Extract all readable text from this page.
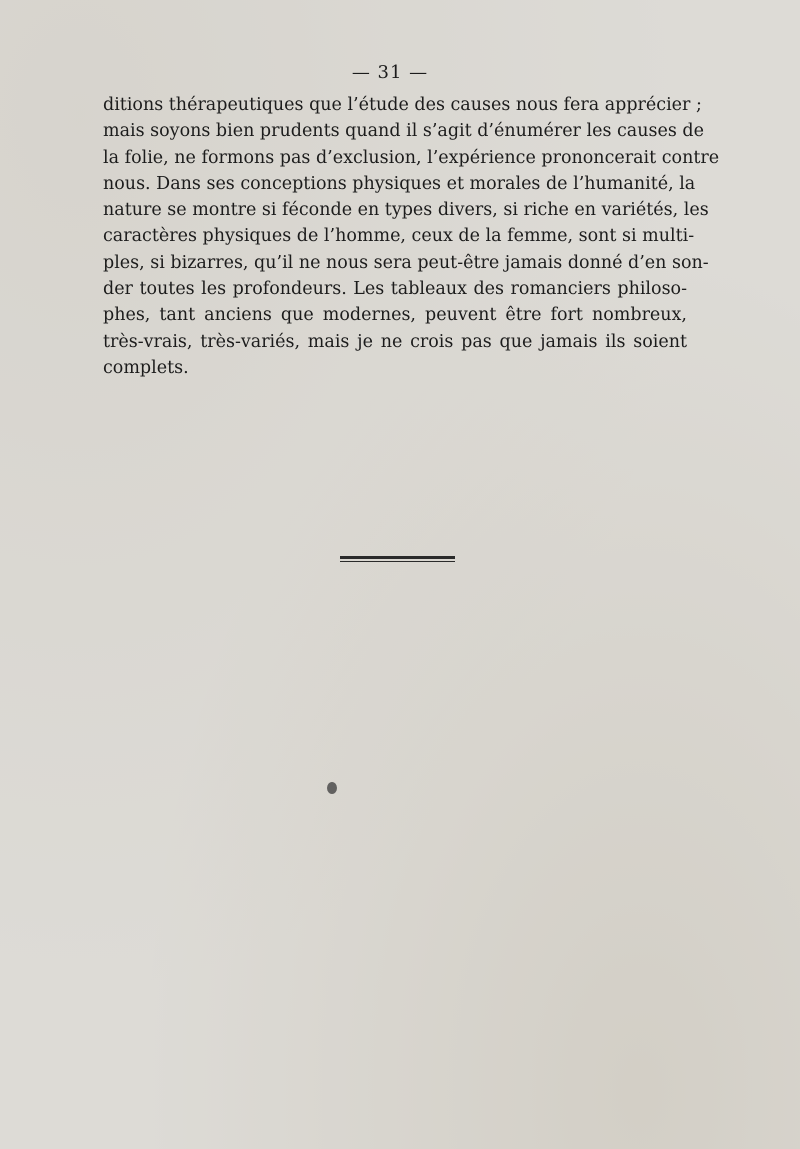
— 31 —
ditions thérapeutiques que l’étude des causes nous fera apprécier ;
mais soyons bien prudents quand il s’agit d’énumérer les causes de
la folie, ne formons pas d’exclusion, l’expérience prononcerait contre
nous. Dans ses conceptions physiques et morales de l’humanité, la
nature se montre si féconde en types divers, si riche en variétés, les
caractères physiques de l’homme, ceux de la femme, sont si multi-
ples, si bizarres, qu’il ne nous sera peut-être jamais donné d’en son-
der toutes les profondeurs. Les tableaux des romanciers philoso-
phes, tant anciens que modernes, peuvent être fort nombreux,
très-vrais, très-variés, mais je ne crois pas que jamais ils soient
complets.
